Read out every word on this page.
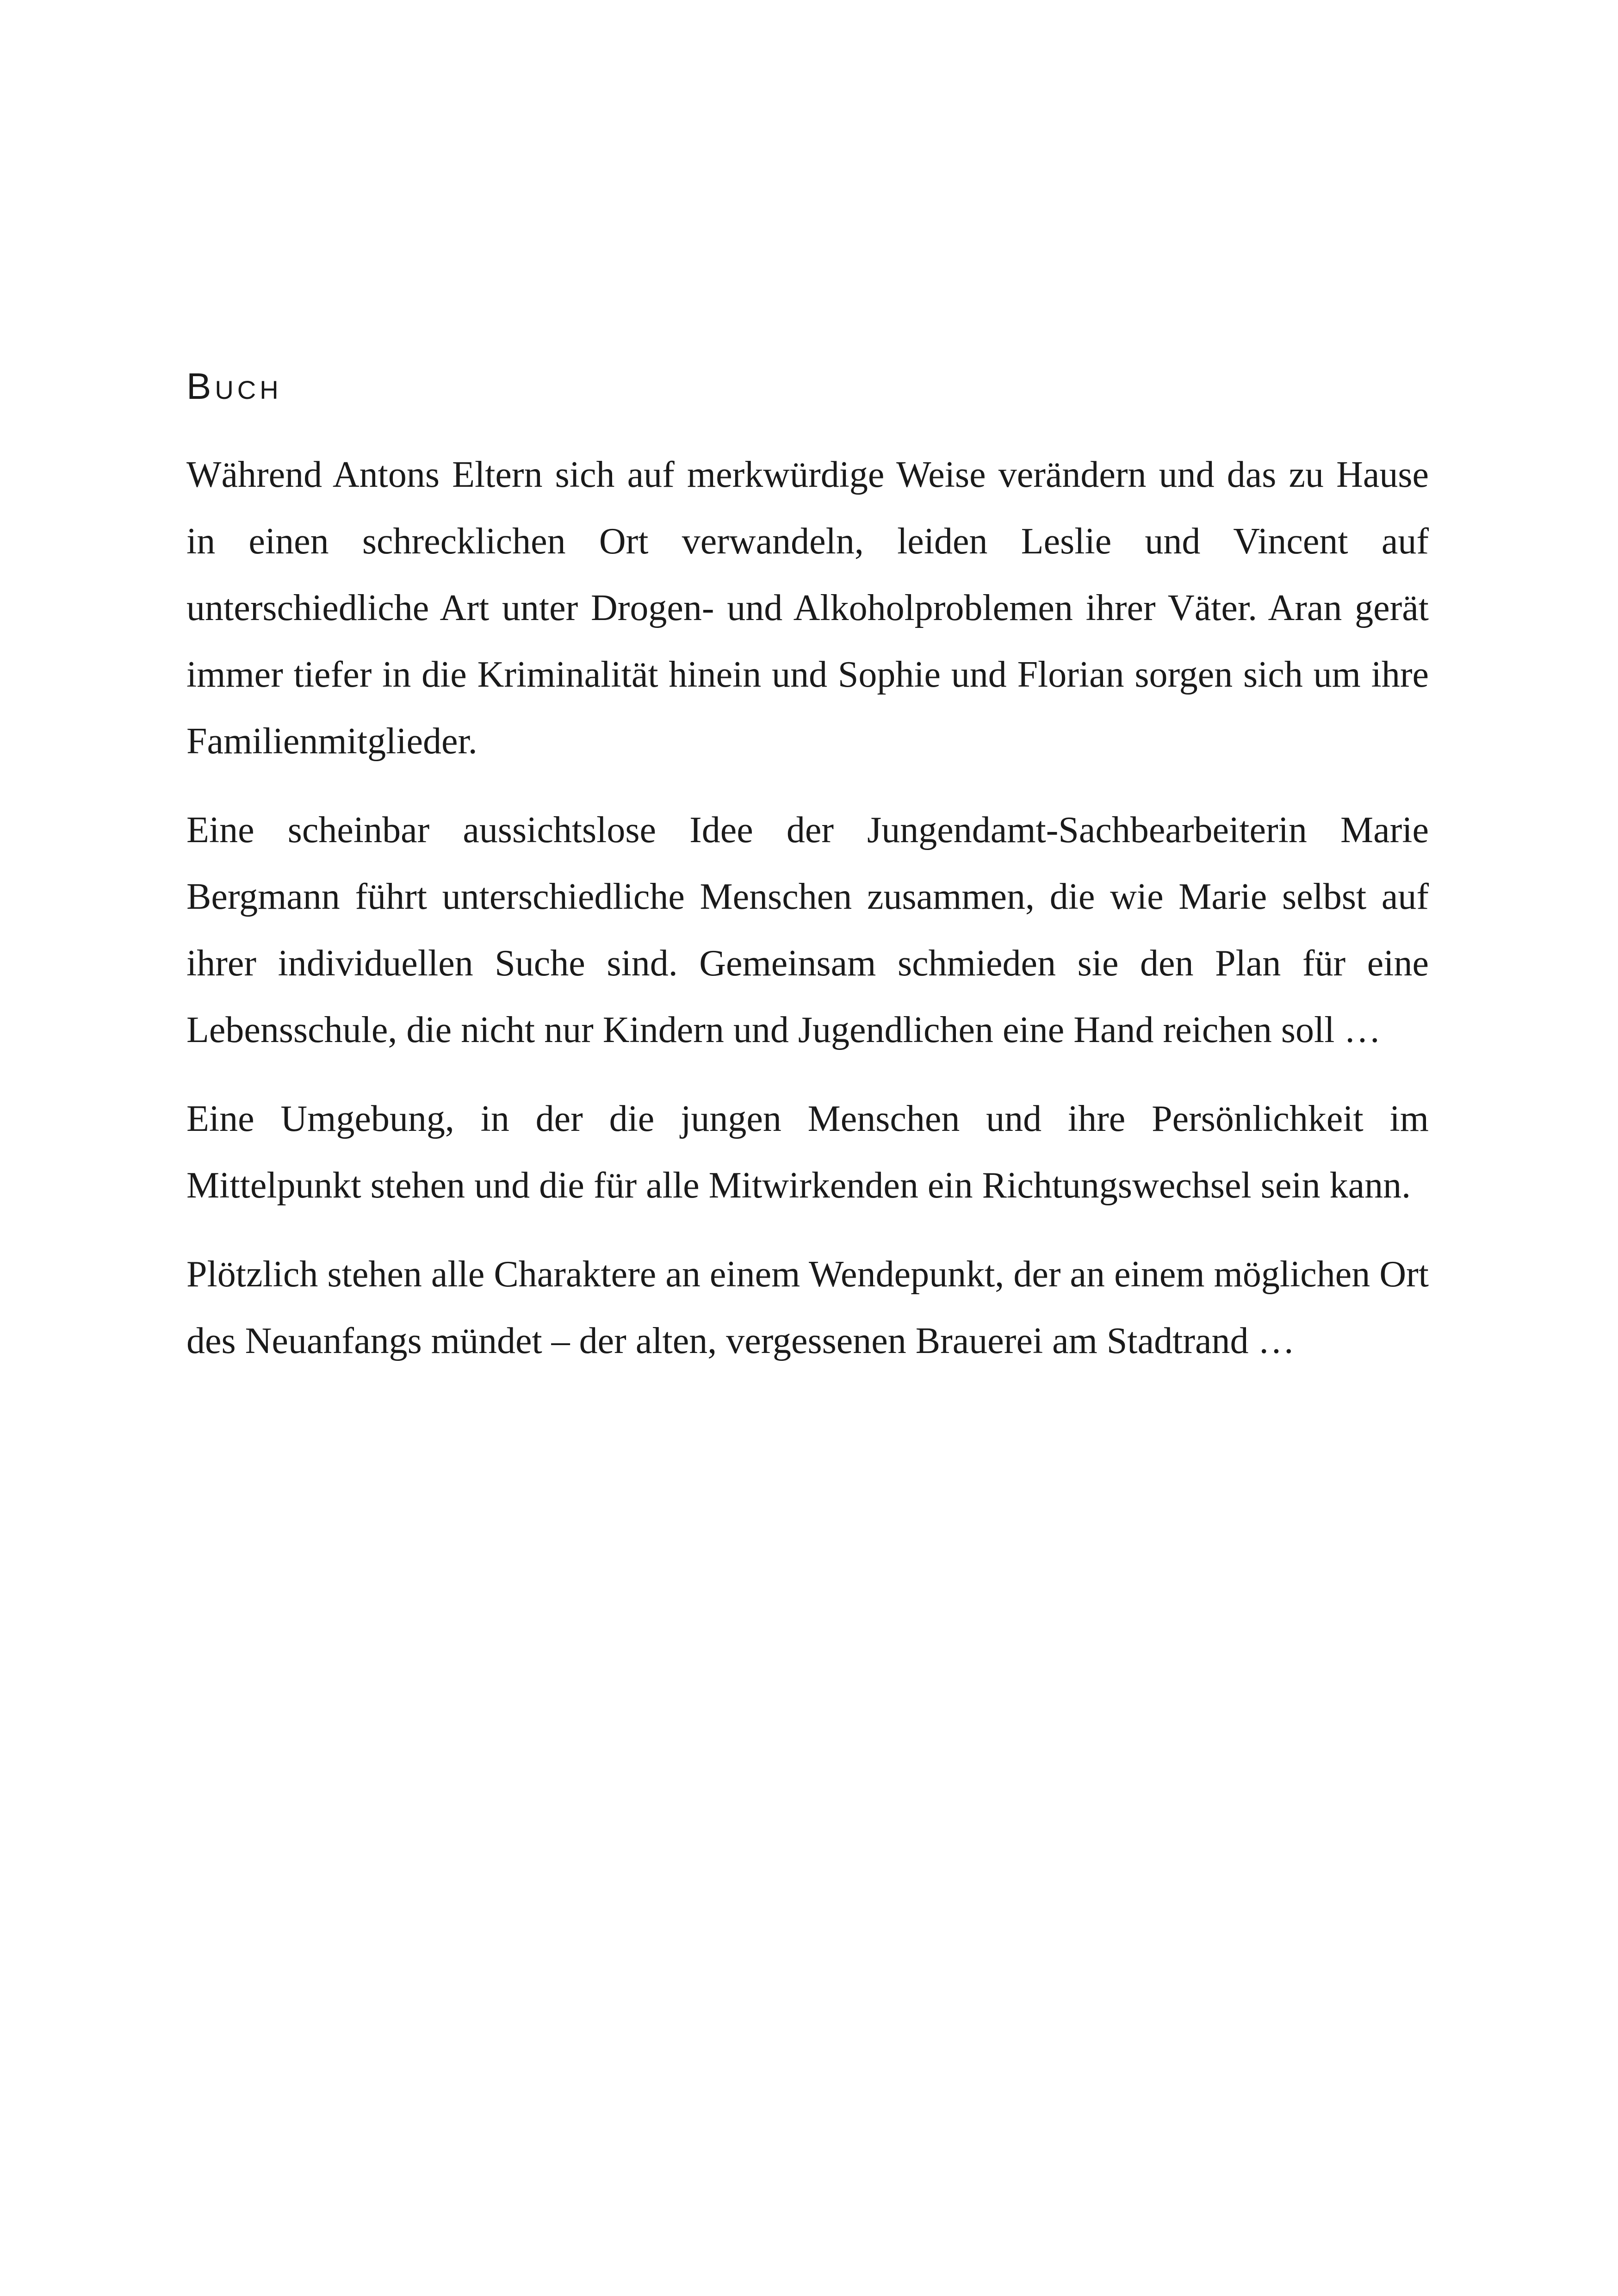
Buch

Während Antons Eltern sich auf merkwürdige Weise verändern und das zu Hause in einen schrecklichen Ort verwandeln, leiden Leslie und Vincent auf unterschiedliche Art unter Drogen- und Alkoholproblemen ihrer Väter. Aran gerät immer tiefer in die Kriminalität hinein und Sophie und Florian sorgen sich um ihre Familienmitglieder.

Eine scheinbar aussichtslose Idee der Jungendamt-Sachbearbeiterin Marie Bergmann führt unterschiedliche Menschen zusammen, die wie Marie selbst auf ihrer individuellen Suche sind. Gemeinsam schmieden sie den Plan für eine Lebensschule, die nicht nur Kindern und Jugendlichen eine Hand reichen soll …

Eine Umgebung, in der die jungen Menschen und ihre Persönlichkeit im Mittelpunkt stehen und die für alle Mitwirkenden ein Richtungswechsel sein kann.

Plötzlich stehen alle Charaktere an einem Wendepunkt, der an einem möglichen Ort des Neuanfangs mündet – der alten, vergessenen Brauerei am Stadtrand …
